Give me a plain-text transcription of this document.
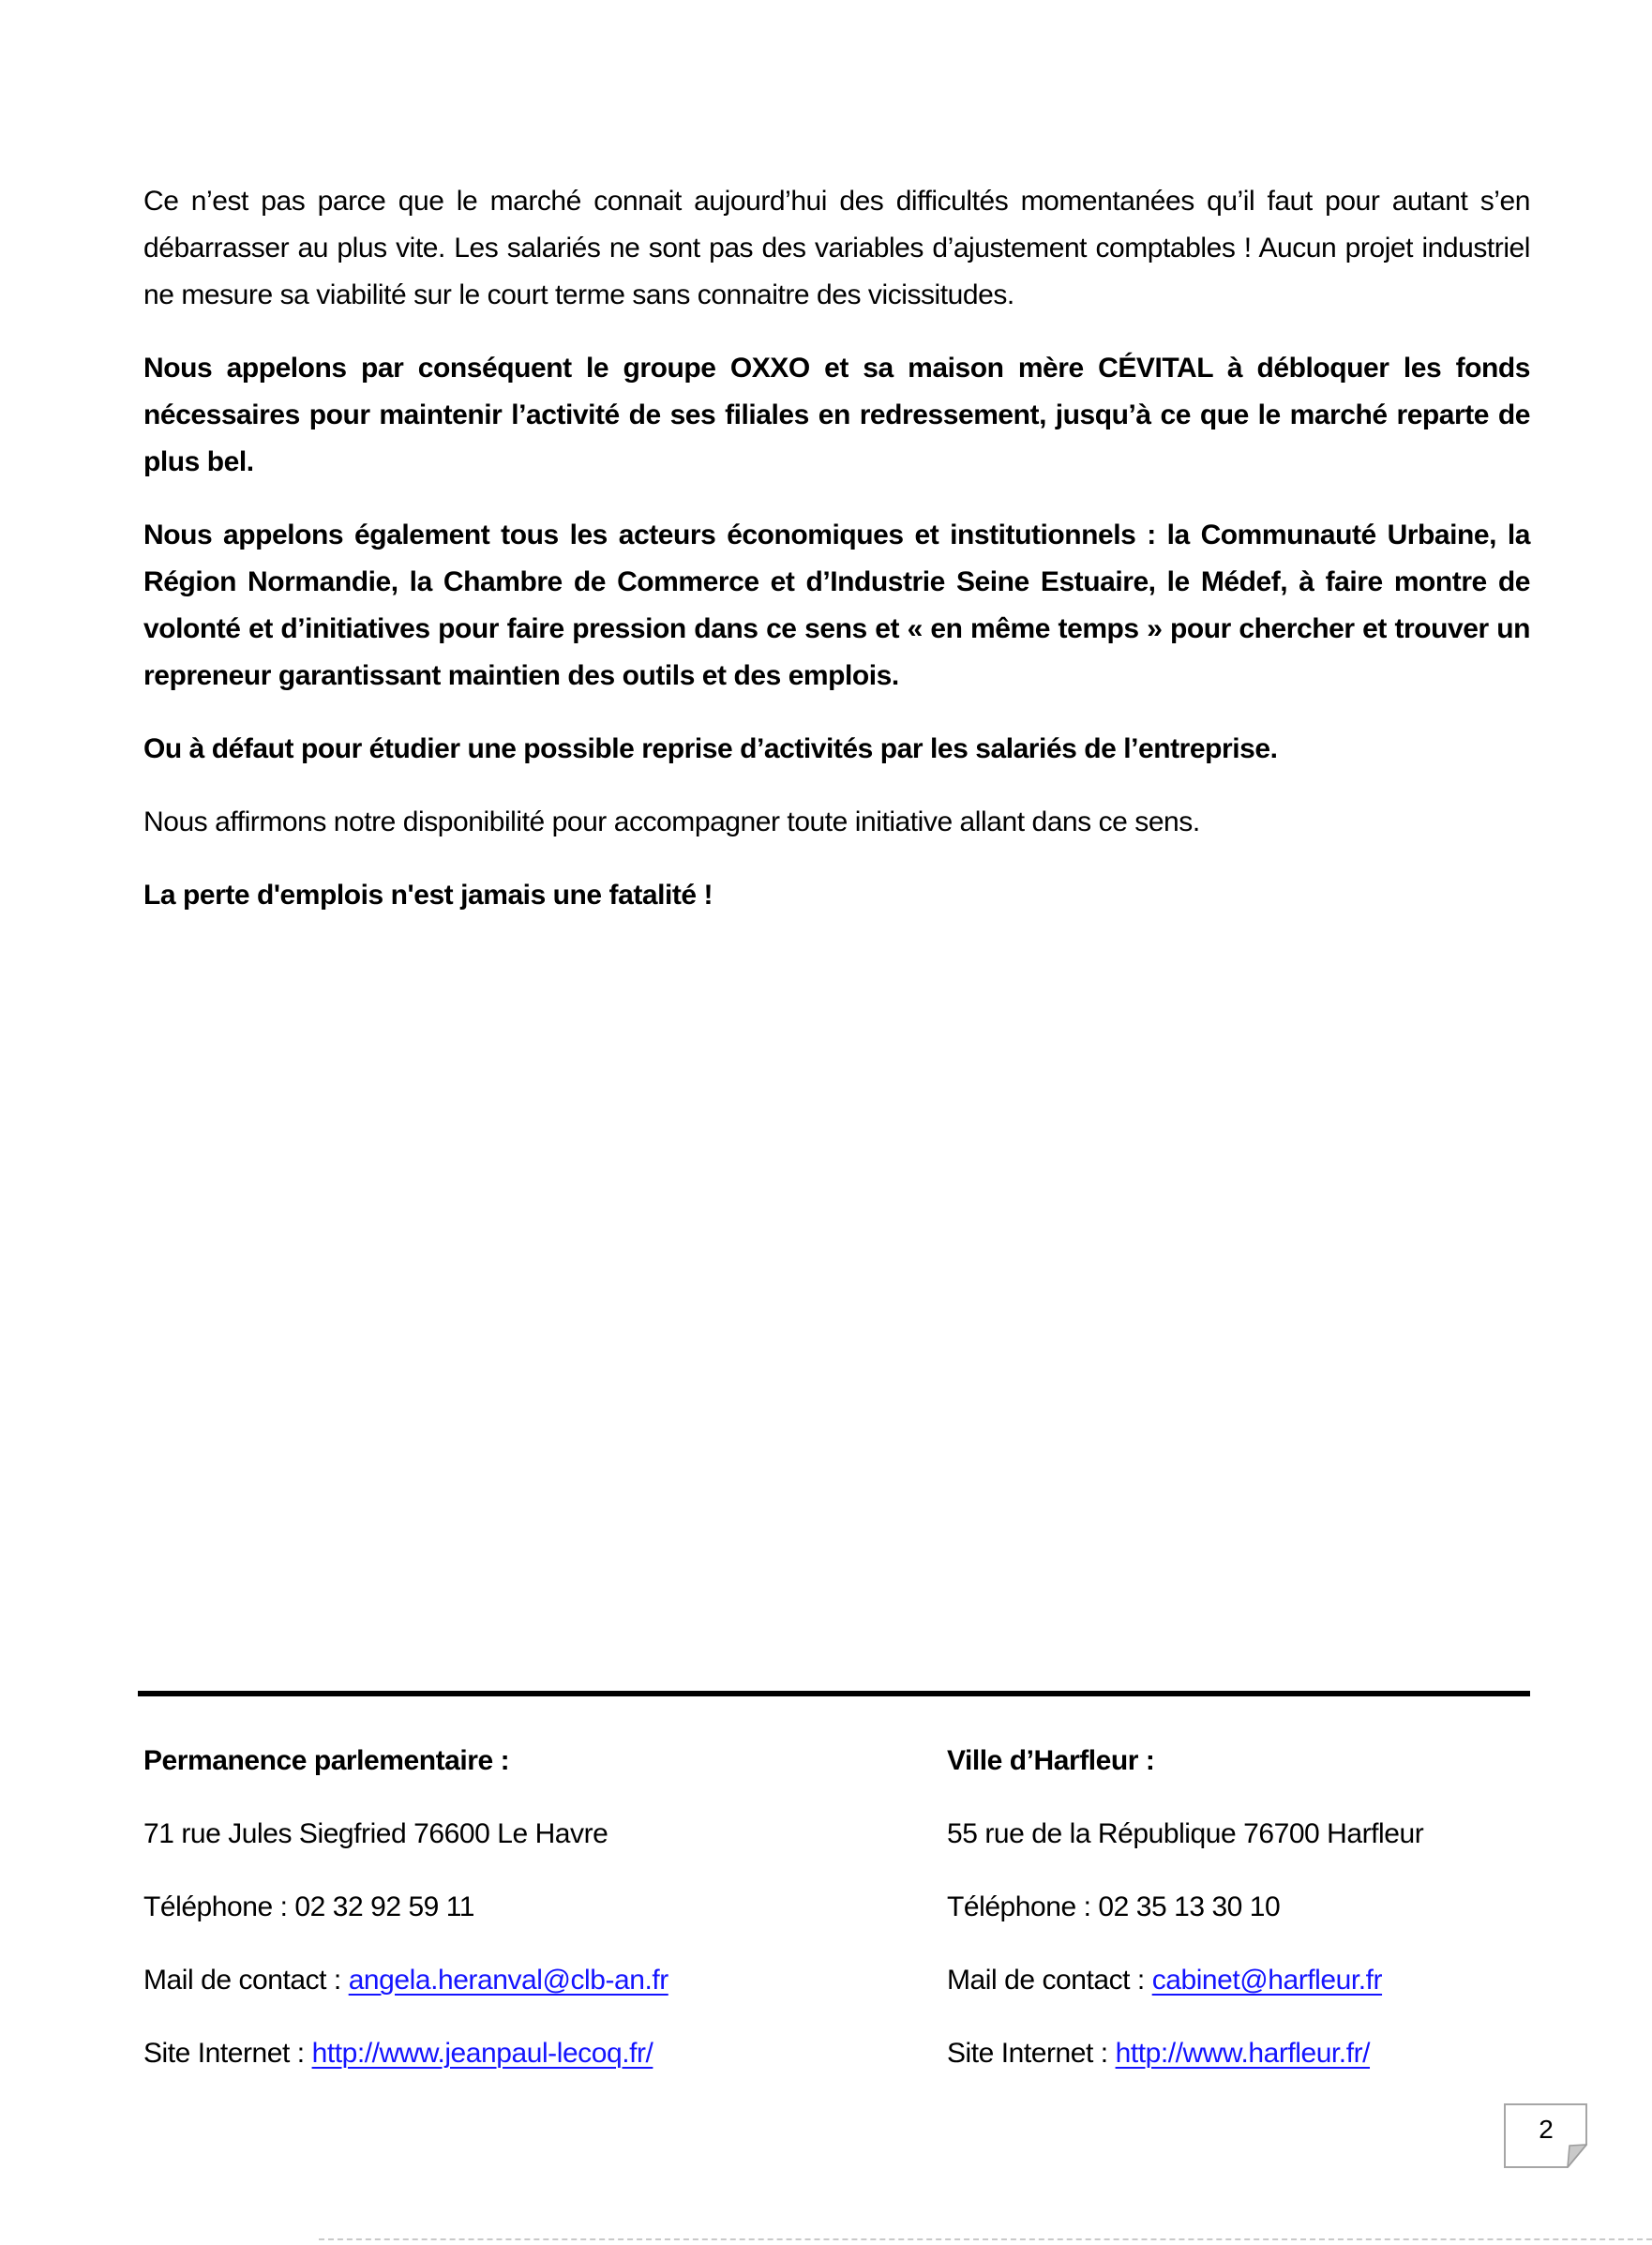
Ce n’est pas parce que le marché connait aujourd’hui des difficultés momentanées qu’il faut pour autant s’en débarrasser au plus vite. Les salariés ne sont pas des variables d’ajustement comptables ! Aucun projet industriel ne mesure sa viabilité sur le court terme sans connaitre des vicissitudes.

Nous appelons par conséquent le groupe OXXO et sa maison mère CÉVITAL à débloquer les fonds nécessaires pour maintenir l’activité de ses filiales en redressement, jusqu’à ce que le marché reparte de plus bel.

Nous appelons également tous les acteurs économiques et institutionnels : la Communauté Urbaine, la Région Normandie, la Chambre de Commerce et d’Industrie Seine Estuaire, le Médef, à faire montre de volonté et d’initiatives pour faire pression dans ce sens et « en même temps » pour chercher et trouver un repreneur garantissant maintien des outils et des emplois.

Ou à défaut pour étudier une possible reprise d’activités par les salariés de l’entreprise.

Nous affirmons notre disponibilité pour accompagner toute initiative allant dans ce sens.

La perte d'emplois n'est jamais une fatalité !

Permanence parlementaire :

71 rue Jules Siegfried 76600 Le Havre

Téléphone : 02 32 92 59 11

Mail de contact : angela.heranval@clb-an.fr

Site Internet : http://www.jeanpaul-lecoq.fr/

Ville d’Harfleur :

55 rue de la République 76700 Harfleur

Téléphone : 02 35 13 30 10

Mail de contact : cabinet@harfleur.fr

Site Internet : http://www.harfleur.fr/

2
